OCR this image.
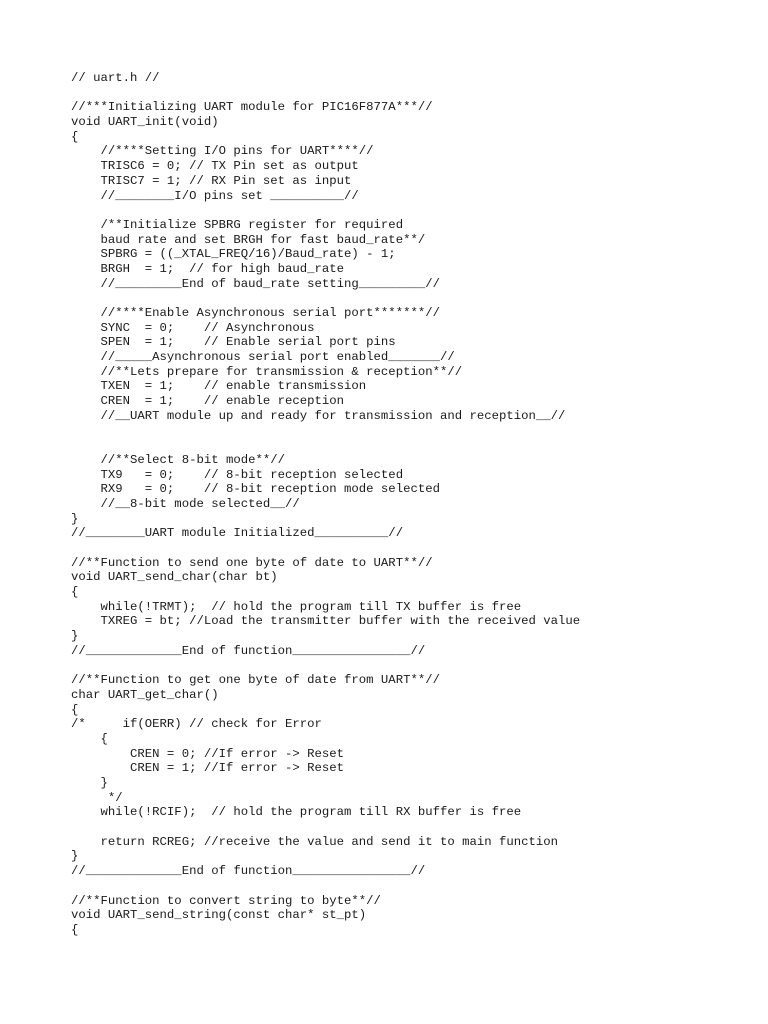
// uart.h //
//***Initializing UART module for PIC16F877A***//
void UART_init(void)
{
//****Setting I/O pins for UART****//
TRISC6 = 0; // TX Pin set as output
TRISC7 = 1; // RX Pin set as input
//________I/O pins set __________//
/**Initialize SPBRG register for required
baud rate and set BRGH for fast baud_rate**/
SPBRG = ((_XTAL_FREQ/16)/Baud_rate) - 1;
BRGH  = 1;  // for high baud_rate
//_________End of baud_rate setting_________//
//****Enable Asynchronous serial port*******//
SYNC  = 0;    // Asynchronous
SPEN  = 1;    // Enable serial port pins
//_____Asynchronous serial port enabled_______//
//**Lets prepare for transmission & reception**//
TXEN  = 1;    // enable transmission
CREN  = 1;    // enable reception
//__UART module up and ready for transmission and reception__//
//**Select 8-bit mode**//
TX9   = 0;    // 8-bit reception selected
RX9   = 0;    // 8-bit reception mode selected
//__8-bit mode selected__//
}
//________UART module Initialized__________//
//**Function to send one byte of date to UART**//
void UART_send_char(char bt)
{
while(!TRMT);  // hold the program till TX buffer is free
TXREG = bt; //Load the transmitter buffer with the received value
}
//_____________End of function________________//
//**Function to get one byte of date from UART**//
char UART_get_char()
{
/*     if(OERR) // check for Error
{
CREN = 0; //If error -> Reset
CREN = 1; //If error -> Reset
}
*/
while(!RCIF);  // hold the program till RX buffer is free
return RCREG; //receive the value and send it to main function
}
//_____________End of function________________//
//**Function to convert string to byte**//
void UART_send_string(const char* st_pt)
{
